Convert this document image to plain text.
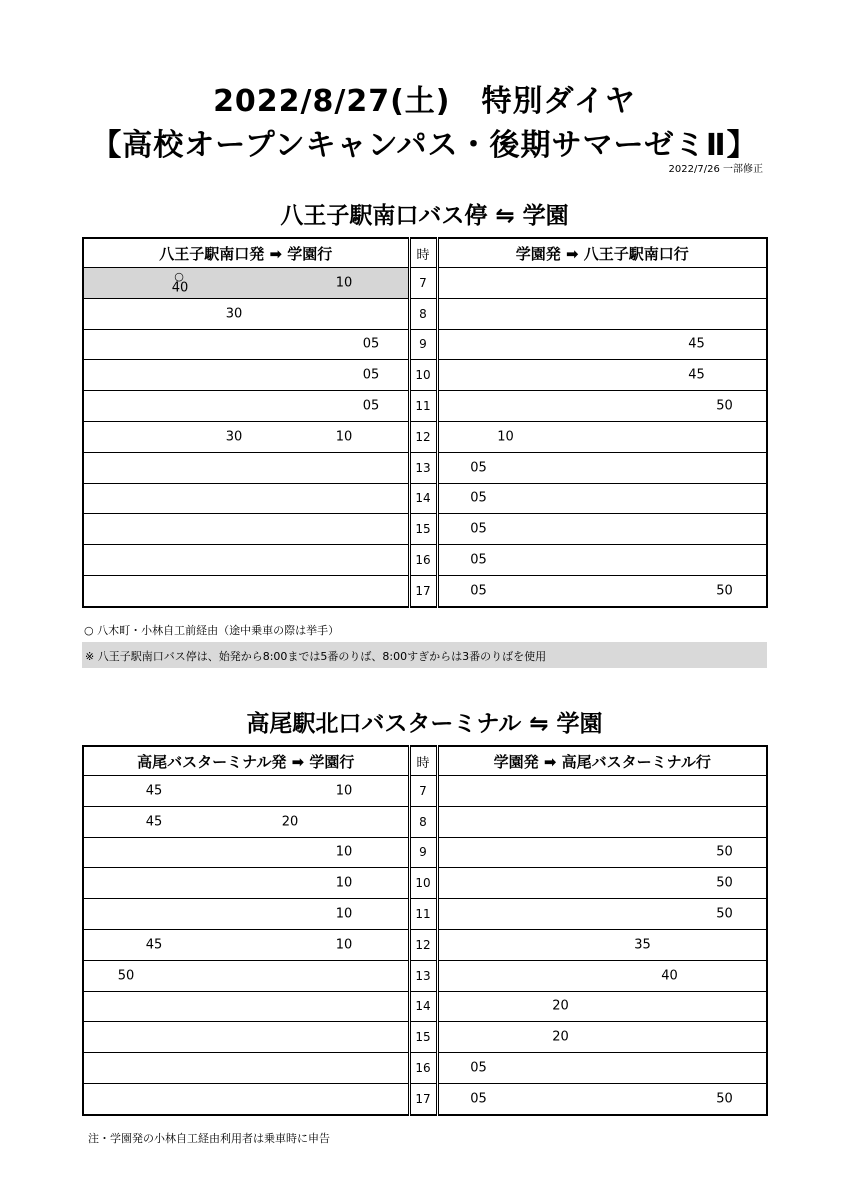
2022/8/27(土)　特別ダイヤ
【高校オープンキャンパス・後期サマーゼミⅡ】
2022/7/26 一部修正
八王子駅南口バス停 ⇋ 学園
八王子駅南口発 ➡ 学園行	時	学園発 ➡ 八王子駅南口行

○
40 10	7	

30	8	

05	9	45

05	10	45

05	11	50

30 10	12	10

	13	05

	14	05

	15	05

	16	05

	17	05 50
○ 八木町・小林自工前経由（途中乗車の際は挙手）
※ 八王子駅南口バス停は、始発から8:00までは5番のりば、8:00すぎからは3番のりばを使用
高尾駅北口バスターミナル ⇋ 学園
高尾バスターミナル発 ➡ 学園行	時	学園発 ➡ 高尾バスターミナル行

45 10	7	

45 20	8	

10	9	50

10	10	50

10	11	50

45 10	12	35

50	13	40

	14	20

	15	20

	16	05

	17	05 50
注・学園発の小林自工経由利用者は乗車時に申告
